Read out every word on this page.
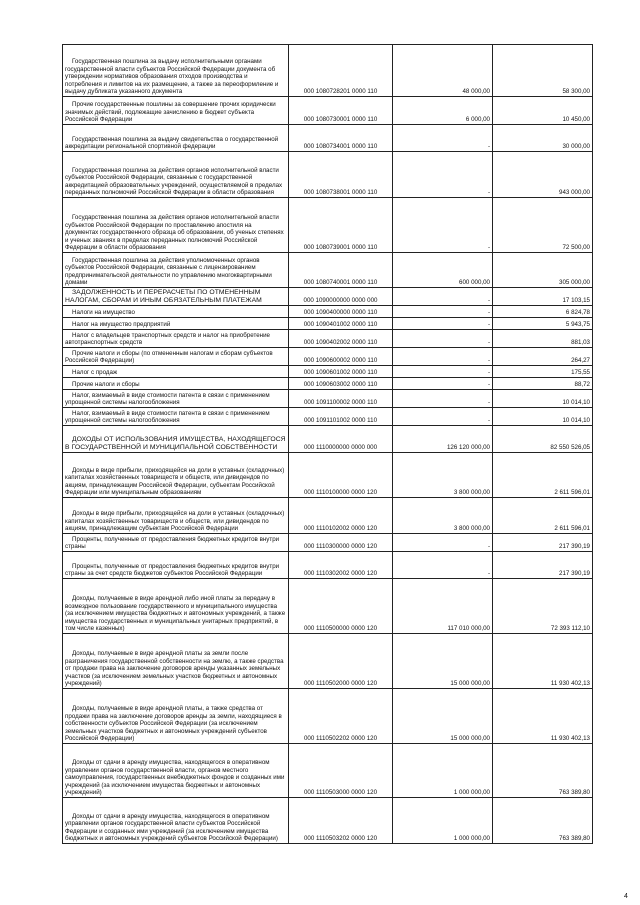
Государственная пошлина за выдачу исполнительными органами государственной власти субъектов Российской Федерации документа об утверждении нормативов образования отходов производства и потребления и лимитов на их размещение, а также за переоформление и выдачу дубликата указанного документа	000 1080728201 0000 110	48 000,00	58 300,00
Прочие государственные пошлины за совершение прочих юридически значимых действий, подлежащие зачислению в бюджет субъекта Российской Федерации	000 1080730001 0000 110	6 000,00	10 450,00
Государственная пошлина за выдачу свидетельства о государственной аккредитации региональной спортивной федерации	000 1080734001 0000 110	-	30 000,00
Государственная пошлина за действия органов исполнительной власти субъектов Российской Федерации, связанные с государственной аккредитацией образовательных учреждений, осуществляемой в пределах переданных полномочий Российской Федерации в области образования	000 1080738001 0000 110	-	943 000,00
Государственная пошлина за действия органов исполнительной власти субъектов Российской Федерации по проставлению апостиля на документах государственного образца об образовании, об ученых степенях и ученых званиях в пределах переданных полномочий Российской Федерации в области образования	000 1080739001 0000 110	-	72 500,00
Государственная пошлина за действия уполномоченных органов субъектов Российской Федерации, связанные с лицензированием предпринимательской деятельности по управлению многоквартирными домами	000 1080740001 0000 110	600 000,00	305 000,00
ЗАДОЛЖЕННОСТЬ И ПЕРЕРАСЧЕТЫ ПО ОТМЕНЕННЫМ НАЛОГАМ, СБОРАМ И ИНЫМ ОБЯЗАТЕЛЬНЫМ ПЛАТЕЖАМ	000 1090000000 0000 000	-	17 103,15
Налоги на имущество	000 1090400000 0000 110	-	6 824,78
Налог на имущество предприятий	000 1090401002 0000 110	-	5 943,75
Налог с владельцев транспортных средств и налог на приобретение автотранспортных средств	000 1090402002 0000 110	-	881,03
Прочие налоги и сборы (по отмененным налогам и сборам субъектов Российской Федерации)	000 1090600002 0000 110	-	264,27
Налог с продаж	000 1090601002 0000 110	-	175,55
Прочие налоги и сборы	000 1090603002 0000 110	-	88,72
Налог, взимаемый в виде стоимости патента в связи с применением упрощенной системы налогообложения	000 1091100002 0000 110	-	10 014,10
Налог, взимаемый в виде стоимости патента в связи с применением упрощенной системы налогообложения	000 1091101002 0000 110	-	10 014,10
ДОХОДЫ ОТ ИСПОЛЬЗОВАНИЯ ИМУЩЕСТВА, НАХОДЯЩЕГОСЯ В ГОСУДАРСТВЕННОЙ И МУНИЦИПАЛЬНОЙ СОБСТВЕННОСТИ	000 1110000000 0000 000	126 120 000,00	82 550 526,05
Доходы в виде прибыли, приходящейся на доли в уставных (складочных) капиталах хозяйственных товариществ и обществ, или дивидендов по акциям, принадлежащим Российской Федерации, субъектам Российской Федерации или муниципальным образованиям	000 1110100000 0000 120	3 800 000,00	2 611 596,01
Доходы в виде прибыли, приходящейся на доли в уставных (складочных) капиталах хозяйственных товариществ и обществ, или дивидендов по акциям, принадлежащим субъектам Российской Федерации	000 1110102002 0000 120	3 800 000,00	2 611 596,01
Проценты, полученные от предоставления бюджетных кредитов внутри страны	000 1110300000 0000 120	-	217 390,19
Проценты, полученные от предоставления бюджетных кредитов внутри страны за счет средств бюджетов субъектов Российской Федерации	000 1110302002 0000 120	-	217 390,19
Доходы, получаемые в виде арендной либо иной платы за передачу в возмездное пользование государственного и муниципального имущества (за исключением имущества бюджетных и автономных учреждений, а также имущества государственных и муниципальных унитарных предприятий, в том числе казенных)	000 1110500000 0000 120	117 010 000,00	72 393 112,10
Доходы, получаемые в виде арендной платы за земли после разграничения государственной собственности на землю, а также средства от продажи права на заключение договоров аренды указанных земельных участков (за исключением земельных участков бюджетных и автономных учреждений)	000 1110502000 0000 120	15 000 000,00	11 930 402,13
Доходы, получаемые в виде арендной платы, а также средства от продажи права на заключение договоров аренды за земли, находящиеся в собственности субъектов Российской Федерации (за исключением земельных участков бюджетных и автономных учреждений субъектов Российской Федерации)	000 1110502202 0000 120	15 000 000,00	11 930 402,13
Доходы от сдачи в аренду имущества, находящегося в оперативном управлении органов государственной власти, органов местного самоуправления, государственных внебюджетных фондов и созданных ими учреждений (за исключением имущества бюджетных и автономных учреждений)	000 1110503000 0000 120	1 000 000,00	763 389,80
Доходы от сдачи в аренду имущества, находящегося в оперативном управлении органов государственной власти субъектов Российской Федерации и созданных ими учреждений (за исключением имущества бюджетных и автономных учреждений субъектов Российской Федерации)	000 1110503202 0000 120	1 000 000,00	763 389,80
4
